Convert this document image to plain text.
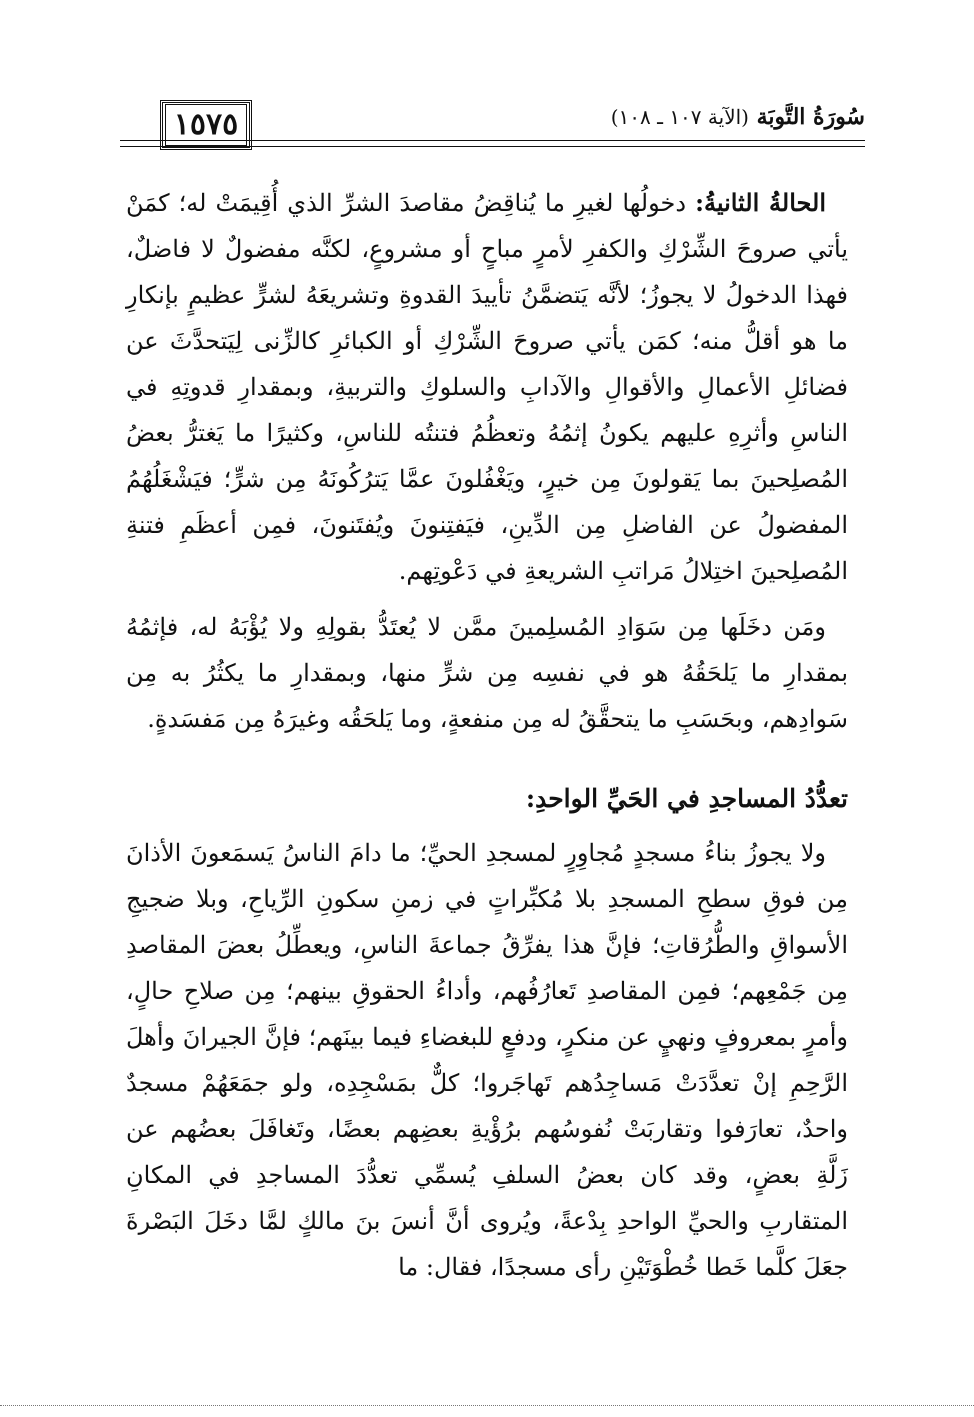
١٥٧٥	سُورَةُ التَّوبَة (الآية ١٠٧ ـ ١٠٨)

الحالةُ الثانيةُ: دخولُها لغيرِ ما يُناقِضُ مقاصدَ الشرِّ الذي أُقِيمَتْ له؛ كمَنْ يأتي صروحَ الشِّرْكِ والكفرِ لأمرٍ مباحٍ أو مشروعٍ، لكنَّه مفضولٌ لا فاضلٌ، فهذا الدخولُ لا يجوزُ؛ لأنَّه يَتضمَّنُ تأييدَ القدوةِ وتشريعَهُ لشرٍّ عظيمٍ بإنكارِ ما هو أقلُّ منه؛ كمَن يأتي صروحَ الشِّرْكِ أو الكبائرِ كالزِّنى لِيَتحدَّثَ عن فضائلِ الأعمالِ والأقوالِ والآدابِ والسلوكِ والتربيةِ، وبمقدارِ قدوتِهِ في الناسِ وأثرِهِ عليهم يكونُ إثمُهُ وتعظُمُ فتنتُه للناسِ، وكثيرًا ما يَغترُّ بعضُ المُصلِحينَ بما يَقولونَ مِن خيرٍ، ويَغْفُلونَ عمَّا يَترُكُونَهُ مِن شرٍّ؛ فيَشْغَلُهُمُ المفضولُ عن الفاضلِ مِن الدِّينِ، فيَفتِنونَ ويُفتَنونَ، فمِن أعظَمِ فتنةِ المُصلِحينَ اختِلالُ مَراتبِ الشريعةِ في دَعْوتِهم.

ومَن دخَلَها مِن سَوَادِ المُسلِمينَ ممَّن لا يُعتَدُّ بقولِهِ ولا يُؤْبَهُ له، فإثمُهُ بمقدارِ ما يَلحَقُهُ هو في نفسِه مِن شرٍّ منها، وبمقدارِ ما يكثُرُ به مِن سَوادِهم، وبحَسَبِ ما يتحقَّقُ له مِن منفعةٍ، وما يَلحَقُه وغيرَهُ مِن مَفسَدةٍ.

تعدُّدُ المساجدِ في الحَيِّ الواحدِ:

ولا يجوزُ بناءُ مسجدٍ مُجاوِرٍ لمسجدِ الحيِّ؛ ما دامَ الناسُ يَسمَعونَ الأذانَ مِن فوقِ سطحِ المسجدِ بلا مُكبِّراتٍ في زمنِ سكونِ الرِّياحِ، وبلا ضجيجِ الأسواقِ والطُّرُقاتِ؛ فإنَّ هذا يفرِّقُ جماعةَ الناسِ، ويعطِّلُ بعضَ المقاصدِ مِن جَمْعِهم؛ فمِن المقاصدِ تَعارُفُهم، وأداءُ الحقوقِ بينهم؛ مِن صلاحِ حالٍ، وأمرٍ بمعروفٍ ونهيٍ عن منكرٍ، ودفعٍ للبغضاءِ فيما بينَهم؛ فإنَّ الجيرانَ وأهلَ الرَّحِمِ إنْ تعدَّدَتْ مَساجِدُهم تَهاجَروا؛ كلٌّ بمَسْجِدِه، ولو جمَعَهُمْ مسجدٌ واحدٌ، تعارَفوا وتقاربَتْ نُفوسُهم برُؤْيةِ بعضِهم بعضًا، وتَغافَلَ بعضُهم عن زَلَّةِ بعضٍ، وقد كان بعضُ السلفِ يُسمِّي تعدُّدَ المساجدِ في المكانِ المتقاربِ والحيِّ الواحدِ بِدْعةً، ويُروى أنَّ أنسَ بنَ مالكٍ لمَّا دخَلَ البَصْرةَ جعَلَ كلَّما خَطا خُطْوَتَيْنِ رأى مسجدًا، فقال: ما
